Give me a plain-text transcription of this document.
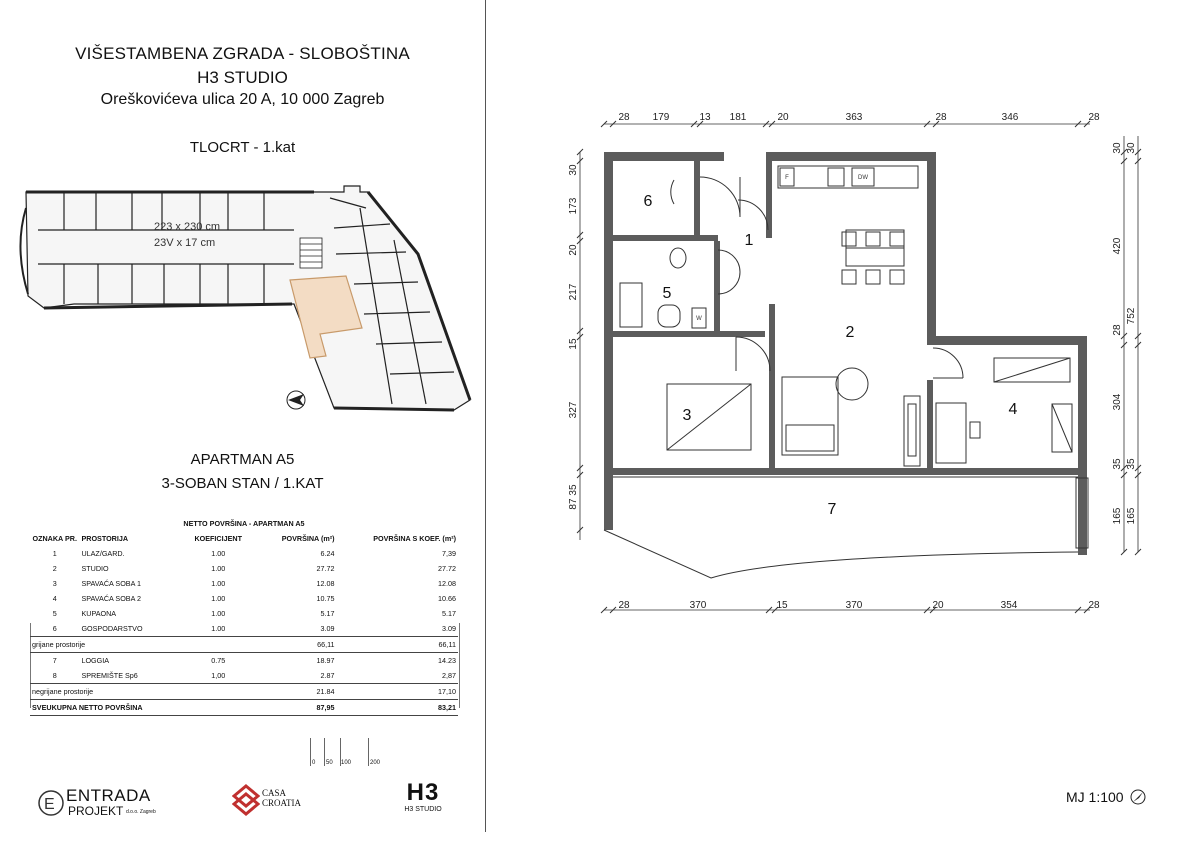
VIŠESTAMBENA ZGRADA - SLOBOŠTINA
H3 STUDIO
Oreškovićeva ulica 20 A, 10 000 Zagreb
TLOCRT - 1.kat
223 x 230 cm
23V x 17 cm
APARTMAN A5
3-SOBAN STAN / 1.KAT
NETTO POVRŠINA - APARTMAN A5				
OZNAKA PR.	PROSTORIJA	KOEFICIJENT	POVRŠINA (m²)	POVRŠINA S KOEF. (m²)
1	ULAZ/GARD.	1.00	6.24	7,39
2	STUDIO	1.00	27.72	27.72
3	SPAVAĆA SOBA 1	1.00	12.08	12.08
4	SPAVAĆA SOBA 2	1.00	10.75	10.66
5	KUPAONA	1.00	5.17	5.17
6	GOSPODARSTVO	1.00	3.09	3.09
grijane prostorije			66,11	66,11
7	LOGGIA	0.75	18.97	14.23
8	SPREMIŠTE Sp6	1,00	2.87	2,87
negrijane prostorije			21.84	17,10
SVEUKUPNA NETTO POVRŠINA			87,95	83,21
0 50 100	200
E ENTRADA
PROJEKT d.o.o. Zagreb
CASA
CROATIA	H3
H3 STUDIO
1
2
3	4
5
6
7
F	DW
W
28 179	13 181	20	363	28	346	28
28	370	15	370	20	354	28
30
173
20
217
15
327
35
87
30
420
28
304
35
165
30
752
35
165
MJ 1:100
